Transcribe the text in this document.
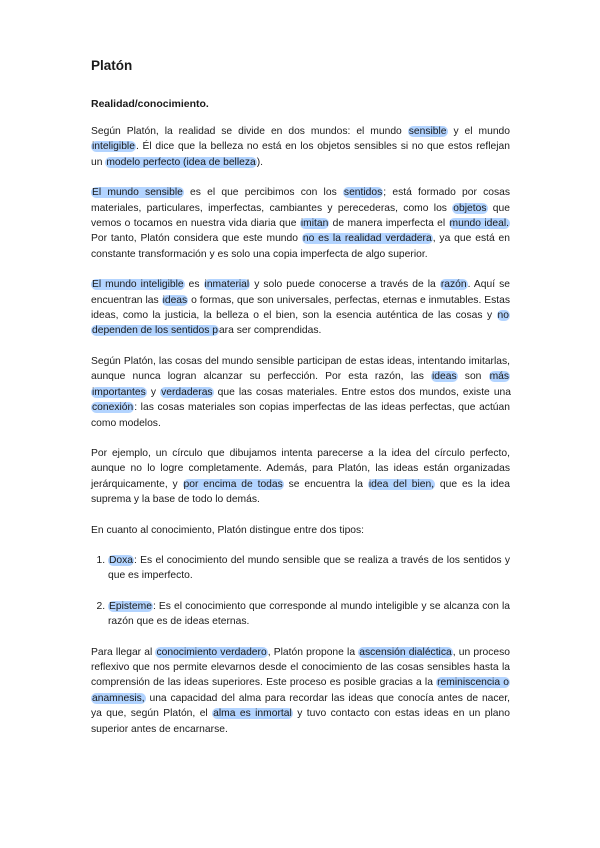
Platón
Realidad/conocimiento.

Según Platón, la realidad se divide en dos mundos: el mundo sensible y el mundo inteligible. Él dice que la belleza no está en los objetos sensibles si no que estos reflejan un modelo perfecto (idea de belleza).

El mundo sensible es el que percibimos con los sentidos; está formado por cosas materiales, particulares, imperfectas, cambiantes y perecederas, como los objetos que vemos o tocamos en nuestra vida diaria que imitan de manera imperfecta el mundo ideal. Por tanto, Platón considera que este mundo no es la realidad verdadera, ya que está en constante transformación y es solo una copia imperfecta de algo superior.

El mundo inteligible es inmaterial y solo puede conocerse a través de la razón. Aquí se encuentran las ideas o formas, que son universales, perfectas, eternas e inmutables. Estas ideas, como la justicia, la belleza o el bien, son la esencia auténtica de las cosas y no dependen de los sentidos para ser comprendidas.

Según Platón, las cosas del mundo sensible participan de estas ideas, intentando imitarlas, aunque nunca logran alcanzar su perfección. Por esta razón, las ideas son más importantes y verdaderas que las cosas materiales. Entre estos dos mundos, existe una conexión: las cosas materiales son copias imperfectas de las ideas perfectas, que actúan como modelos.

Por ejemplo, un círculo que dibujamos intenta parecerse a la idea del círculo perfecto, aunque no lo logre completamente. Además, para Platón, las ideas están organizadas jerárquicamente, y por encima de todas se encuentra la idea del bien, que es la idea suprema y la base de todo lo demás.

En cuanto al conocimiento, Platón distingue entre dos tipos:

1. Doxa: Es el conocimiento del mundo sensible que se realiza a través de los sentidos y que es imperfecto.
2. Episteme: Es el conocimiento que corresponde al mundo inteligible y se alcanza con la razón que es de ideas eternas.

Para llegar al conocimiento verdadero, Platón propone la ascensión dialéctica, un proceso reflexivo que nos permite elevarnos desde el conocimiento de las cosas sensibles hasta la comprensión de las ideas superiores. Este proceso es posible gracias a la reminiscencia o anamnesis, una capacidad del alma para recordar las ideas que conocía antes de nacer, ya que, según Platón, el alma es inmortal y tuvo contacto con estas ideas en un plano superior antes de encarnarse.
